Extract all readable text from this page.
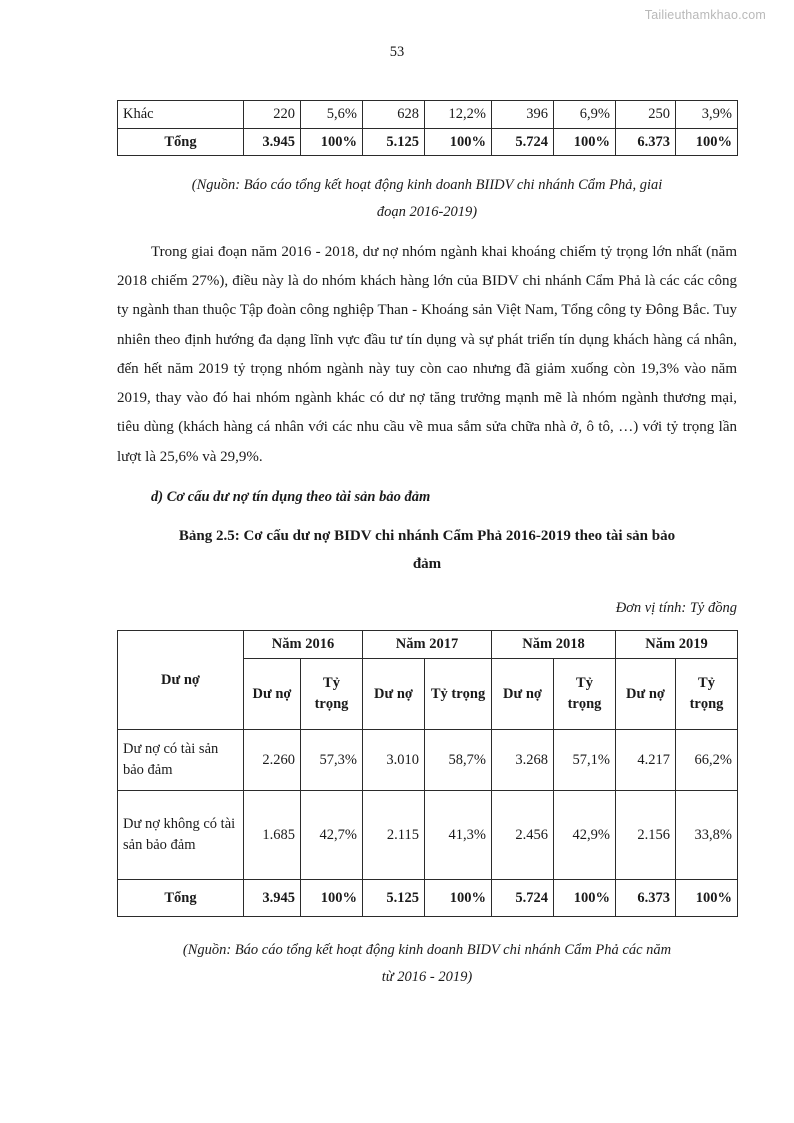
Tailieuthamkhao.com
53
Khác	220	5,6%	628	12,2%	396	6,9%	250	3,9%
Tổng	3.945	100%	5.125	100%	5.724	100%	6.373	100%
(Nguồn: Báo cáo tổng kết hoạt động kinh doanh BIIDV chi nhánh Cẩm Phả, giai
đoạn 2016-2019)

Trong giai đoạn năm 2016 - 2018, dư nợ nhóm ngành khai khoáng chiếm tỷ trọng lớn nhất (năm 2018 chiếm 27%), điều này là do nhóm khách hàng lớn của BIDV chi nhánh Cẩm Phả là các các công ty ngành than thuộc Tập đoàn công nghiệp Than - Khoáng sản Việt Nam, Tổng công ty Đông Bắc. Tuy nhiên theo định hướng đa dạng lĩnh vực đầu tư tín dụng và sự phát triển tín dụng khách hàng cá nhân, đến hết năm 2019 tỷ trọng nhóm ngành này tuy còn cao nhưng đã giảm xuống còn 19,3% vào năm 2019, thay vào đó hai nhóm ngành khác có dư nợ tăng trưởng mạnh mẽ là nhóm ngành thương mại, tiêu dùng (khách hàng cá nhân với các nhu cầu về mua sắm sửa chữa nhà ở, ô tô, …) với tỷ trọng lần lượt là 25,6% và 29,9%.

d) Cơ cấu dư nợ tín dụng theo tài sản bảo đảm

Bảng 2.5: Cơ cấu dư nợ BIDV chi nhánh Cẩm Phả 2016-2019 theo tài sản bảo

đảm

Đơn vị tính: Tỷ đồng

Dư nợ	Năm 2016		Năm 2017		Năm 2018		Năm 2019	
	Dư nợ	Tỷ trọng	Dư nợ	Tỷ trọng	Dư nợ	Tỷ trọng	Dư nợ	Tỷ trọng
Dư nợ có tài sản bảo đảm	2.260	57,3%	3.010	58,7%	3.268	57,1%	4.217	66,2%
Dư nợ không có tài sản bảo đảm	1.685	42,7%	2.115	41,3%	2.456	42,9%	2.156	33,8%
Tổng	3.945	100%	5.125	100%	5.724	100%	6.373	100%
(Nguồn: Báo cáo tổng kết hoạt động kinh doanh BIDV chi nhánh Cẩm Phả các năm
từ 2016 - 2019)
